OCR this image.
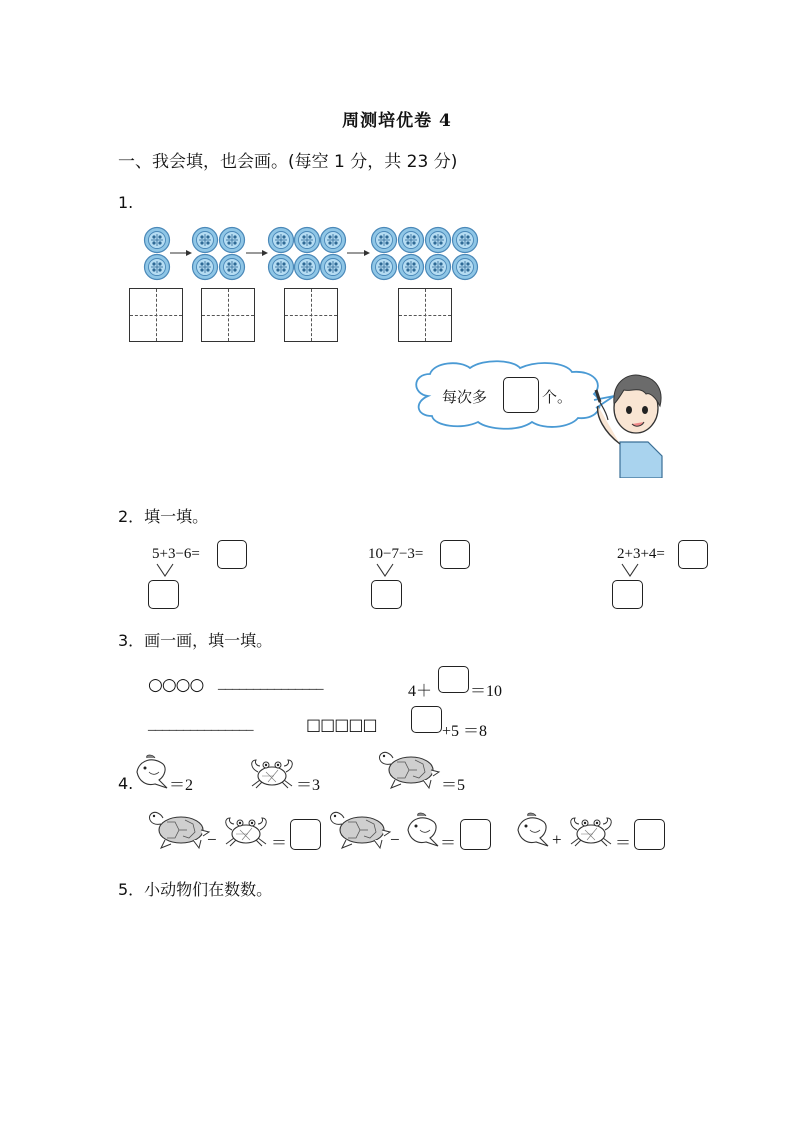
周测培优卷 4
一、我会填，也会画。(每空 1 分，共 23 分)
1.
每次多	个。
2．填一填。
5+3−6=	10−7−3=	2+3+4=
3．画一画，填一填。
○○○○ _______________	4＋ ＝10
_______________	□□□□□	+5 ＝8
4. ＝2	＝3	＝5
−	＝	−	＝	+	＝
5．小动物们在数数。
